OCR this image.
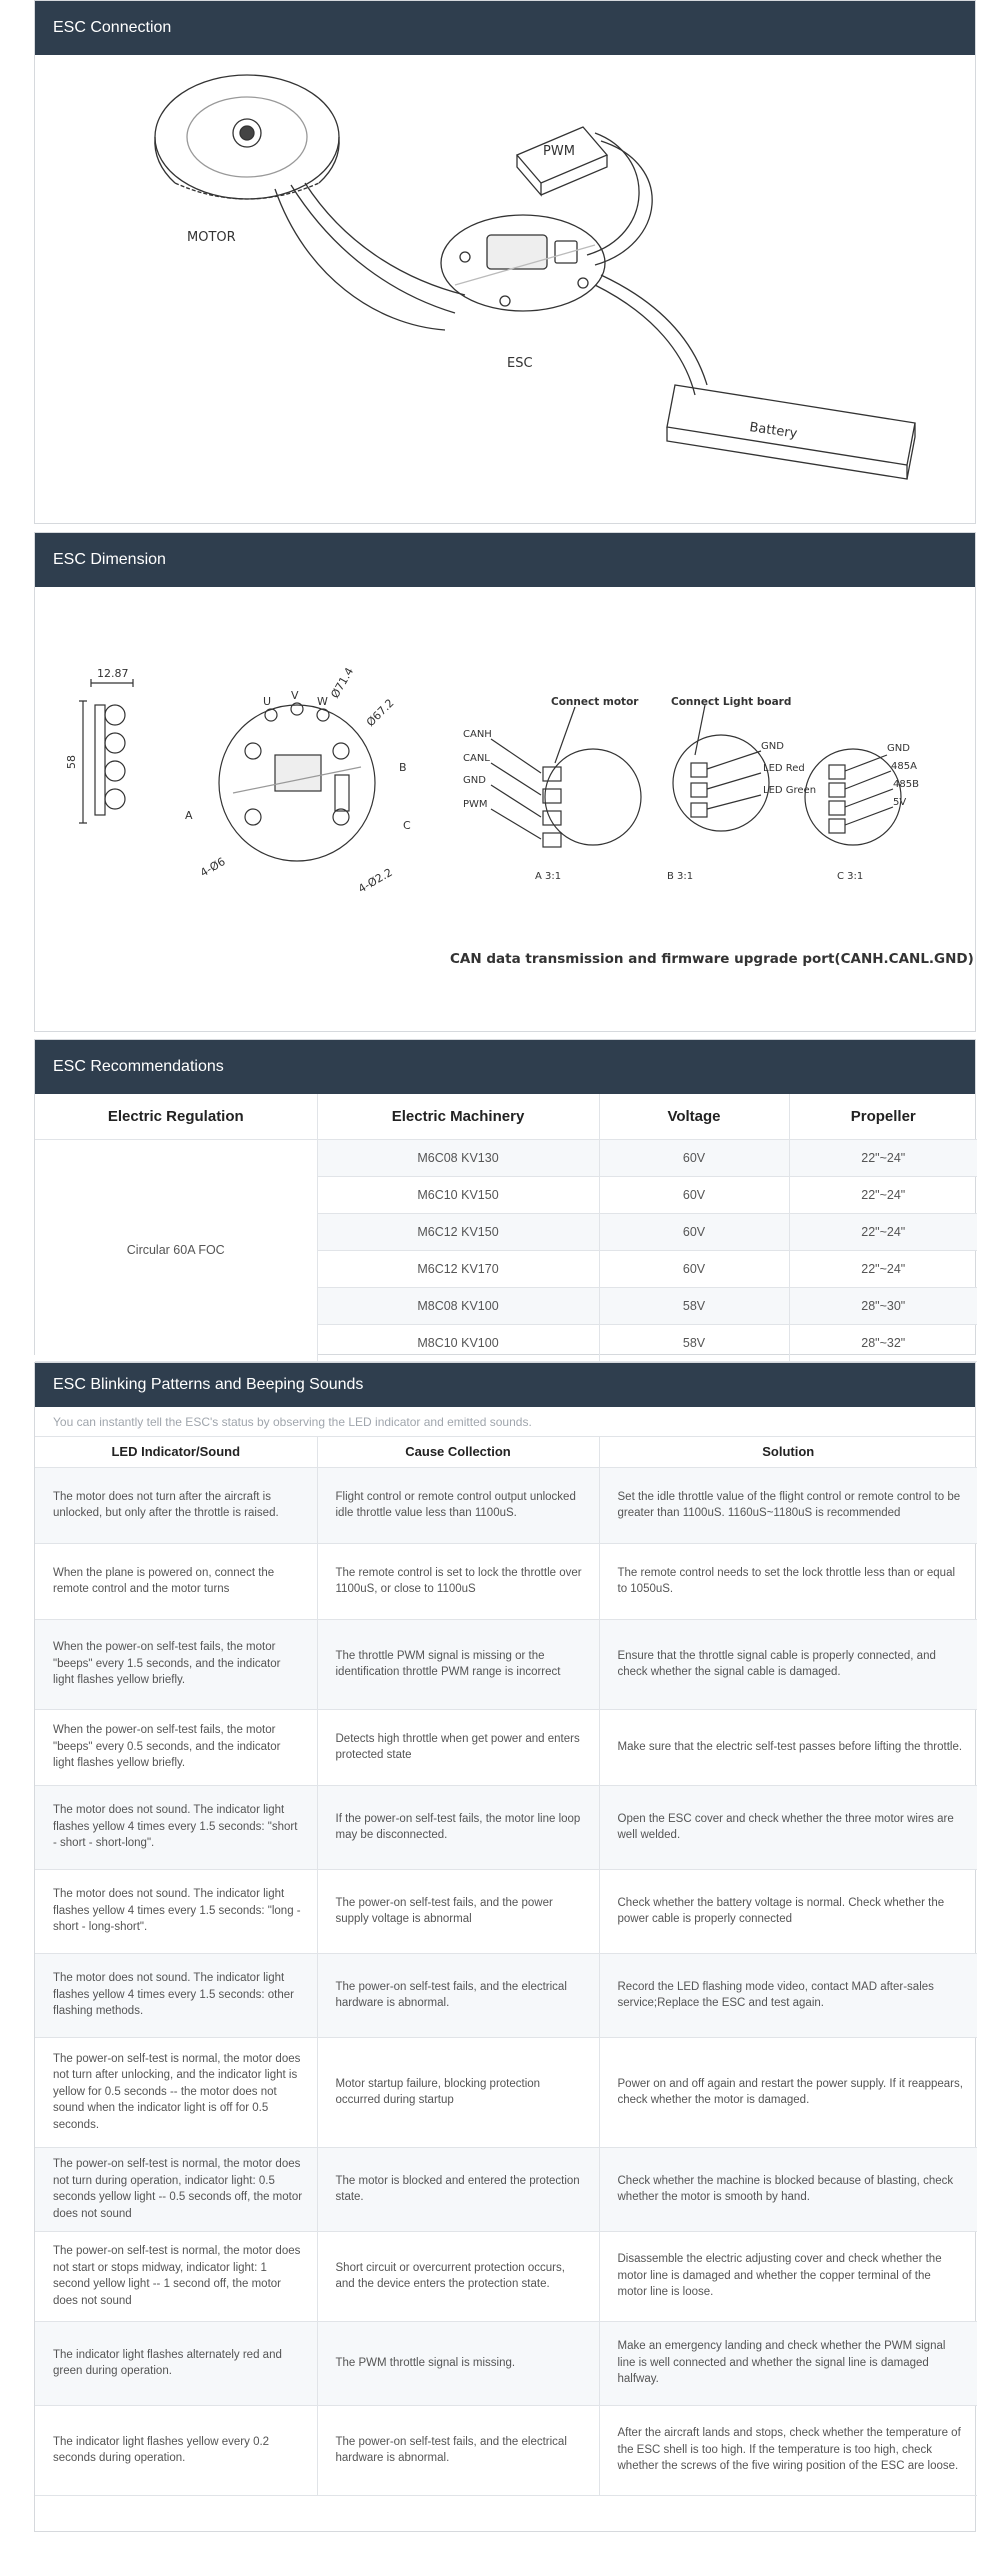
ESC Connection
MOTOR
PWM
ESC
Battery
ESC Dimension
12.87
58
Ø71.4
Ø67.2
4-Ø6	4-Ø2.2
U V W
A
B
C
Connect motor	Connect Light board
CANH
CANL
GND
PWM
GND
LED Red
LED Green
GND
485A
485B
5V
A 3:1	B 3:1	C 3:1
CAN data transmission and firmware upgrade port(CANH.CANL.GND)
ESC Recommendations
Electric Regulation	Electric Machinery	Voltage	Propeller
Circular 60A FOC	M6C08 KV130	60V	22"~24"
	M6C10 KV150	60V	22"~24"
	M6C12 KV150	60V	22"~24"
	M6C12 KV170	60V	22"~24"
	M8C08 KV100	58V	28"~30"
	M8C10 KV100	58V	28"~32"
ESC Blinking Patterns and Beeping Sounds
You can instantly tell the ESC's status by observing the LED indicator and emitted sounds.
LED Indicator/Sound	Cause Collection	Solution
The motor does not turn after the aircraft is unlocked, but only after the throttle is raised.	Flight control or remote control output unlocked idle throttle value less than 1100uS.	Set the idle throttle value of the flight control or remote control to be greater than 1100uS. 1160uS~1180uS is recommended
When the plane is powered on, connect the remote control and the motor turns	The remote control is set to lock the throttle over 1100uS, or close to 1100uS	The remote control needs to set the lock throttle less than or equal to 1050uS.
When the power-on self-test fails, the motor "beeps" every 1.5 seconds, and the indicator light flashes yellow briefly.	The throttle PWM signal is missing or the identification throttle PWM range is incorrect	Ensure that the throttle signal cable is properly connected, and check whether the signal cable is damaged.
When the power-on self-test fails, the motor "beeps" every 0.5 seconds, and the indicator light flashes yellow briefly.	Detects high throttle when get power and enters protected state	Make sure that the electric self-test passes before lifting the throttle.
The motor does not sound. The indicator light flashes yellow 4 times every 1.5 seconds: "short - short - short-long".	If the power-on self-test fails, the motor line loop may be disconnected.	Open the ESC cover and check whether the three motor wires are well welded.
The motor does not sound. The indicator light flashes yellow 4 times every 1.5 seconds: "long - short - long-short".	The power-on self-test fails, and the power supply voltage is abnormal	Check whether the battery voltage is normal. Check whether the power cable is properly connected
The motor does not sound. The indicator light flashes yellow 4 times every 1.5 seconds: other flashing methods.	The power-on self-test fails, and the electrical hardware is abnormal.	Record the LED flashing mode video, contact MAD after-sales service;Replace the ESC and test again.
The power-on self-test is normal, the motor does not turn after unlocking, and the indicator light is yellow for 0.5 seconds -- the motor does not sound when the indicator light is off for 0.5 seconds.	Motor startup failure, blocking protection occurred during startup	Power on and off again and restart the power supply. If it reappears, check whether the motor is damaged.
The power-on self-test is normal, the motor does not turn during operation, indicator light: 0.5 seconds yellow light -- 0.5 seconds off, the motor does not sound	The motor is blocked and entered the protection state.	Check whether the machine is blocked because of blasting, check whether the motor is smooth by hand.
The power-on self-test is normal, the motor does not start or stops midway, indicator light: 1 second yellow light -- 1 second off, the motor does not sound	Short circuit or overcurrent protection occurs, and the device enters the protection state.	Disassemble the electric adjusting cover and check whether the motor line is damaged and whether the copper terminal of the motor line is loose.
The indicator light flashes alternately red and green during operation.	The PWM throttle signal is missing.	Make an emergency landing and check whether the PWM signal line is well connected and whether the signal line is damaged halfway.
The indicator light flashes yellow every 0.2 seconds during operation.	The power-on self-test fails, and the electrical hardware is abnormal.	After the aircraft lands and stops, check whether the temperature of the ESC shell is too high. If the temperature is too high, check whether the screws of the five wiring position of the ESC are loose.
